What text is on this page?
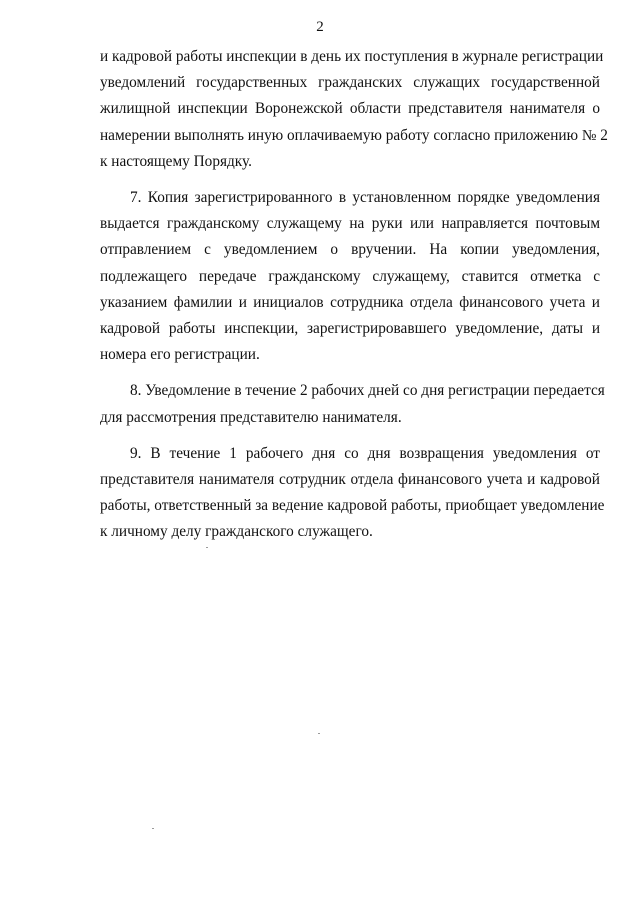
2

и кадровой работы инспекции в день их поступления в журнале регистрации
уведомлений государственных гражданских служащих государственной
жилищной инспекции Воронежской области представителя нанимателя о
намерении выполнять иную оплачиваемую работу согласно приложению № 2
к настоящему Порядку.

7. Копия зарегистрированного в установленном порядке уведомления
выдается гражданскому служащему на руки или направляется почтовым
отправлением с уведомлением о вручении. На копии уведомления,
подлежащего передаче гражданскому служащему, ставится отметка с
указанием фамилии и инициалов сотрудника отдела финансового учета и
кадровой работы инспекции, зарегистрировавшего уведомление, даты и
номера его регистрации.

8. Уведомление в течение 2 рабочих дней со дня регистрации передается
для рассмотрения представителю нанимателя.

9. В течение 1 рабочего дня со дня возвращения уведомления от
представителя нанимателя сотрудник отдела финансового учета и кадровой
работы, ответственный за ведение кадровой работы, приобщает уведомление
к личному делу гражданского служащего.
